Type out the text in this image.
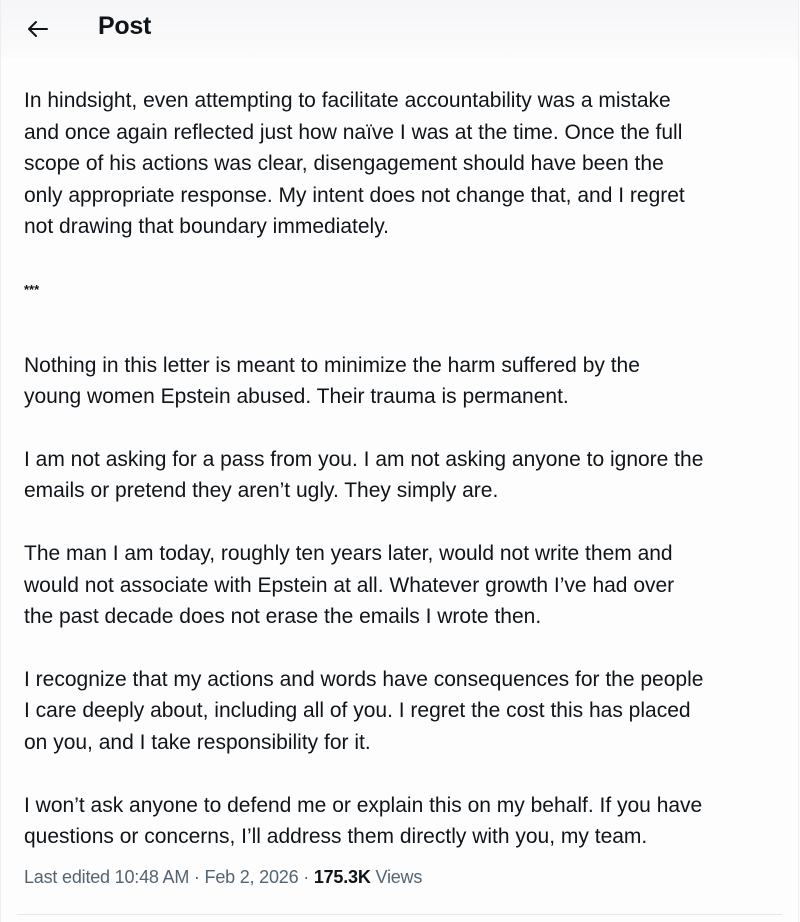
Post

In hindsight, even attempting to facilitate accountability was a mistake
and once again reflected just how naïve I was at the time. Once the full
scope of his actions was clear, disengagement should have been the
only appropriate response. My intent does not change that, and I regret
not drawing that boundary immediately.

***

Nothing in this letter is meant to minimize the harm suffered by the
young women Epstein abused. Their trauma is permanent.

I am not asking for a pass from you. I am not asking anyone to ignore the
emails or pretend they aren’t ugly. They simply are.

The man I am today, roughly ten years later, would not write them and
would not associate with Epstein at all. Whatever growth I’ve had over
the past decade does not erase the emails I wrote then.

I recognize that my actions and words have consequences for the people
I care deeply about, including all of you. I regret the cost this has placed
on you, and I take responsibility for it.

I won’t ask anyone to defend me or explain this on my behalf. If you have
questions or concerns, I’ll address them directly with you, my team.

Last edited 10:48 AM · Feb 2, 2026 · 175.3K Views
